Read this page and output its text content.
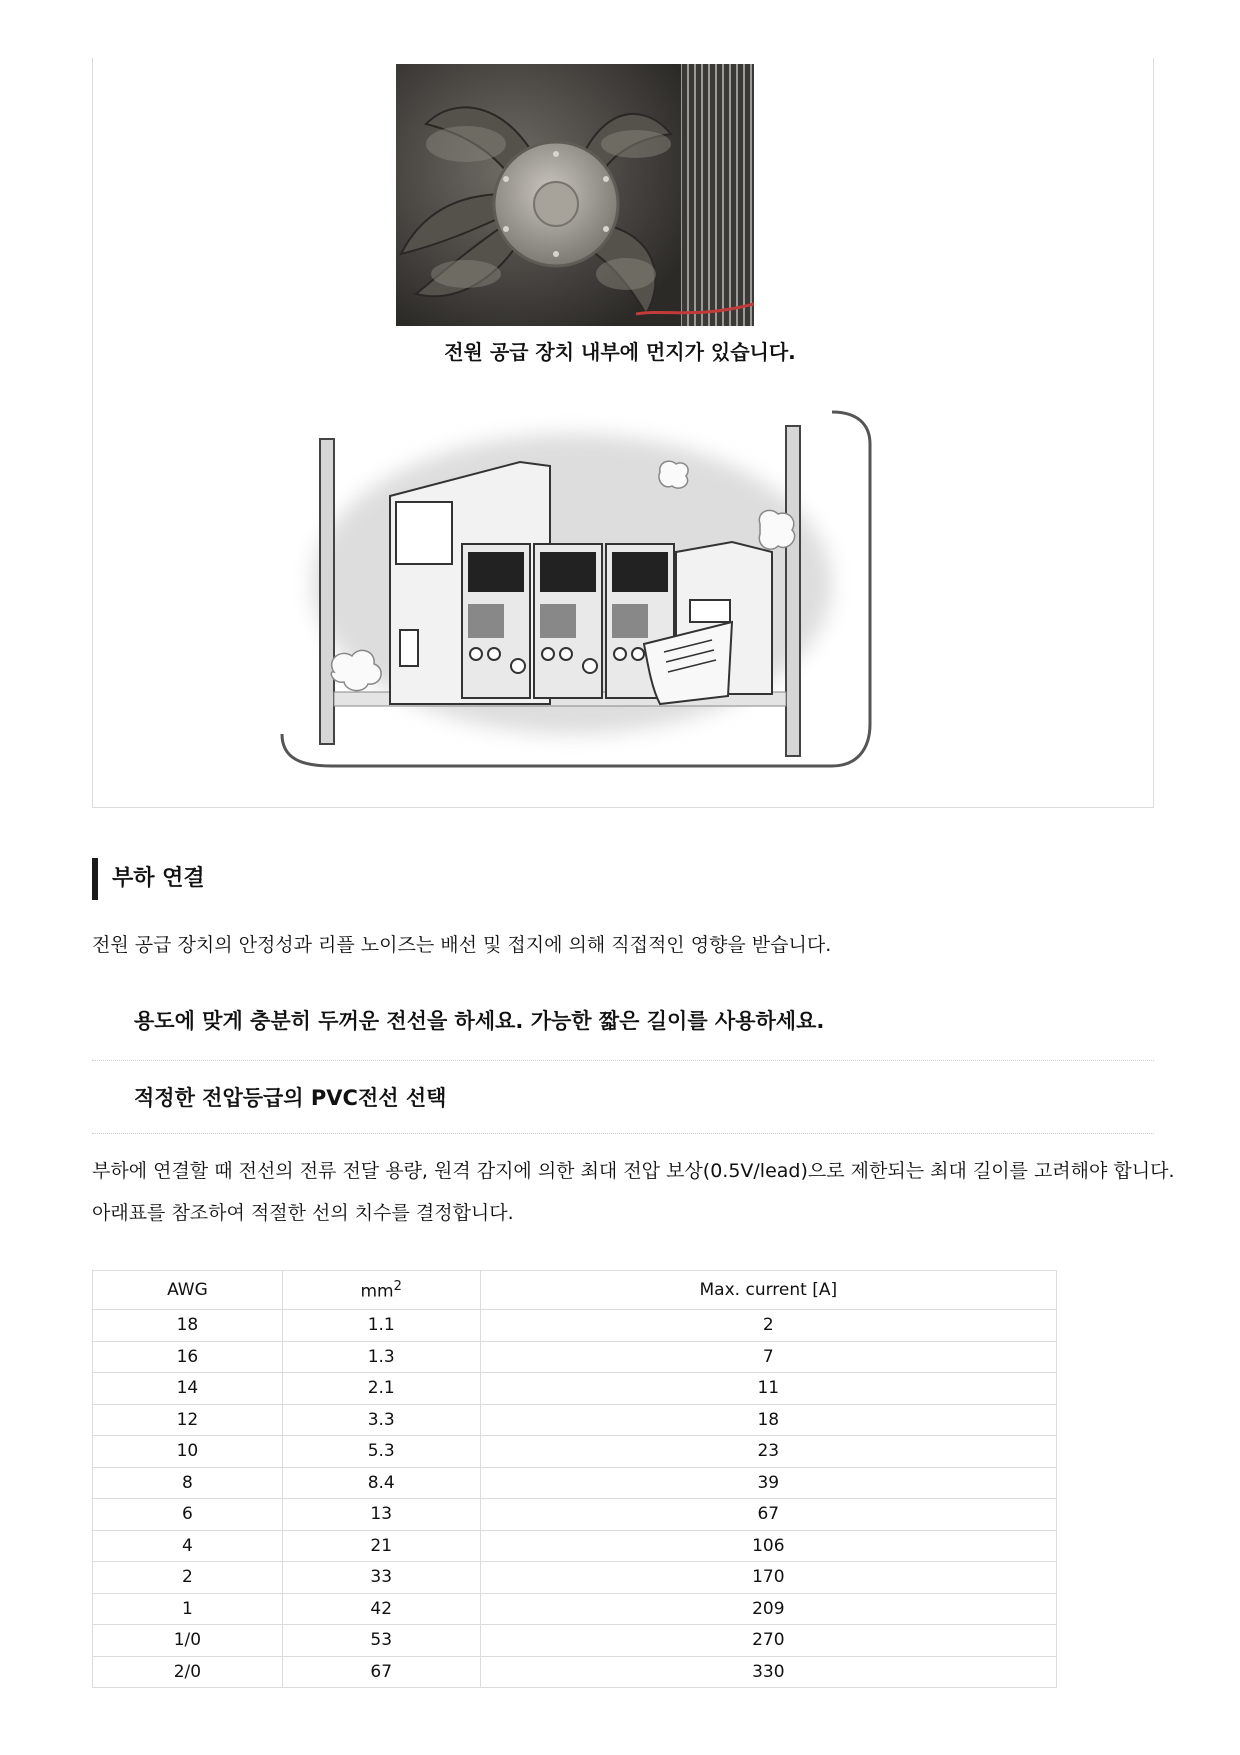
전원 공급 장치 내부에 먼지가 있습니다.
부하 연결
전원 공급 장치의 안정성과 리플 노이즈는 배선 및 접지에 의해 직접적인 영향을 받습니다.
용도에 맞게 충분히 두꺼운 전선을 하세요. 가능한 짧은 길이를 사용하세요.
적정한 전압등급의 PVC전선 선택
부하에 연결할 때 전선의 전류 전달 용량, 원격 감지에 의한 최대 전압 보상(0.5V/lead)으로 제한되는 최대 길이를 고려해야 합니다.
아래표를 참조하여 적절한 선의 치수를 결정합니다.
AWG	$mm^2$	Max. current [A]
18	1.1	2
16	1.3	7
14	2.1	11
12	3.3	18
10	5.3	23
8	8.4	39
6	13	67
4	21	106
2	33	170
1	42	209
1/0	53	270
2/0	67	330
